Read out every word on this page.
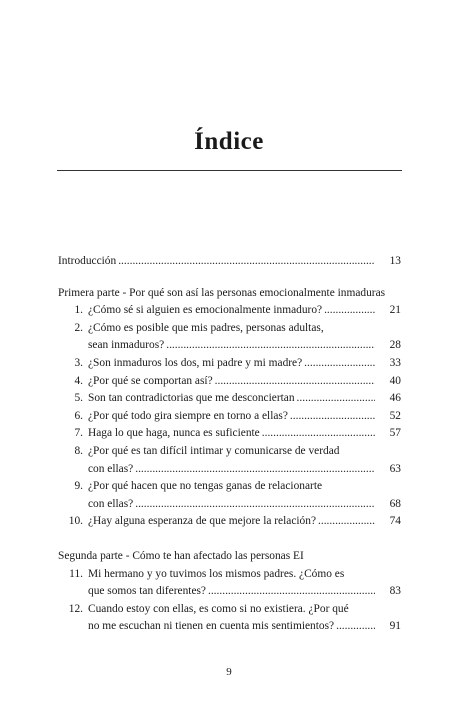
Índice
Introducción .....	13
Primera parte - Por qué son así las personas emocionalmente inmaduras
1. ¿Cómo sé si alguien es emocionalmente inmaduro? .....	21
2. ¿Cómo es posible que mis padres, personas adultas,
sean inmaduros? .....	28
3. ¿Son inmaduros los dos, mi padre y mi madre? .....	33
4. ¿Por qué se comportan así? .....	40
5. Son tan contradictorias que me desconciertan .....	46
6. ¿Por qué todo gira siempre en torno a ellas? .....	52
7. Haga lo que haga, nunca es suficiente .....	57
8. ¿Por qué es tan difícil intimar y comunicarse de verdad
con ellas? .....	63
9. ¿Por qué hacen que no tengas ganas de relacionarte
con ellas? .....	68
10. ¿Hay alguna esperanza de que mejore la relación? .....	74
Segunda parte - Cómo te han afectado las personas EI
11. Mi hermano y yo tuvimos los mismos padres. ¿Cómo es
que somos tan diferentes? .....	83
12. Cuando estoy con ellas, es como si no existiera. ¿Por qué
no me escuchan ni tienen en cuenta mis sentimientos? .....	91
9
